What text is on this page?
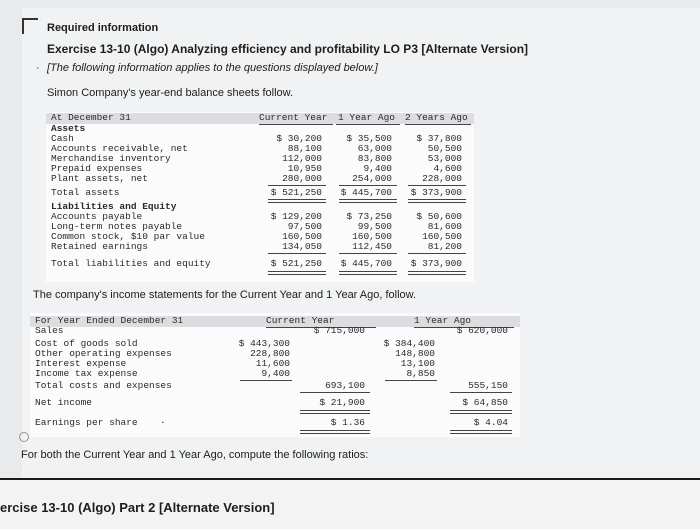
Required information
Exercise 13-10 (Algo) Analyzing efficiency and profitability LO P3 [Alternate Version]
· [The following information applies to the questions displayed below.]
Simon Company's year-end balance sheets follow.
At December 31	Current Year 1 Year Ago 2 Years Ago
Assets
Cash	$ 30,200	$ 35,500	$ 37,800
Accounts receivable, net	88,100	63,000	50,500
Merchandise inventory	112,000	83,800	53,000
Prepaid expenses	10,950	9,400	4,600
Plant assets, net	280,000	254,000	228,000
Total assets	$ 521,250	$ 445,700	$ 373,900
Liabilities and Equity
Accounts payable	$ 129,200	$ 73,250	$ 50,600
Long-term notes payable	97,500	99,500	81,600
Common stock, $10 par value	160,500	160,500	160,500
Retained earnings	134,050	112,450	81,200
Total liabilities and equity	$ 521,250	$ 445,700	$ 373,900
The company's income statements for the Current Year and 1 Year Ago, follow.
For Year Ended December 31	Current Year	1 Year Ago
Sales	$ 715,000	$ 620,000
Cost of goods sold	$ 443,300	$ 384,400
Other operating expenses	228,800	148,800
Interest expense	11,600	13,100
Income tax expense	9,400	8,850
Total costs and expenses	693,100	555,150
Net income	$ 21,900	$ 64,850
Earnings per share ·	$ 1.36	$ 4.04
For both the Current Year and 1 Year Ago, compute the following ratios:
ercise 13-10 (Algo) Part 2 [Alternate Version]
